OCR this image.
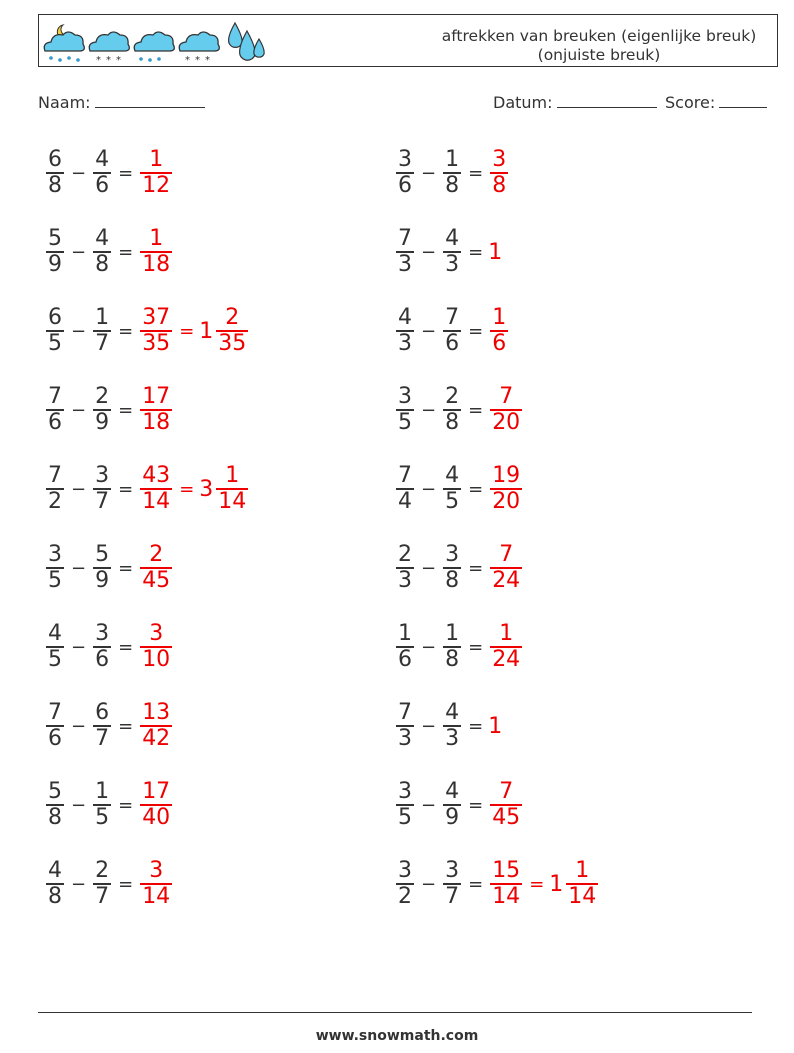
* * *	* * *
aftrekken van breuken (eigenlijke breuk)
(onjuiste breuk)
Naam:	Datum:	Score:
$\frac{6}{8} - \frac{4}{6} = \frac{1}{12}$	$\frac{3}{6} - \frac{1}{8} = \frac{3}{8}$
$\frac{5}{9} - \frac{4}{8} = \frac{1}{18}$	$\frac{7}{3} - \frac{4}{3} = 1$
$\frac{6}{5} - \frac{1}{7} = \frac{37}{35} = 1 \frac{2}{35}$	$\frac{4}{3} - \frac{7}{6} = \frac{1}{6}$
$\frac{7}{6} - \frac{2}{9} = \frac{17}{18}$	$\frac{3}{5} - \frac{2}{8} = \frac{7}{20}$
$\frac{7}{2} - \frac{3}{7} = \frac{43}{14} = 3 \frac{1}{14}$	$\frac{7}{4} - \frac{4}{5} = \frac{19}{20}$
$\frac{3}{5} - \frac{5}{9} = \frac{2}{45}$	$\frac{2}{3} - \frac{3}{8} = \frac{7}{24}$
$\frac{4}{5} - \frac{3}{6} = \frac{3}{10}$	$\frac{1}{6} - \frac{1}{8} = \frac{1}{24}$
$\frac{7}{6} - \frac{6}{7} = \frac{13}{42}$	$\frac{7}{3} - \frac{4}{3} = 1$
$\frac{5}{8} - \frac{1}{5} = \frac{17}{40}$	$\frac{3}{5} - \frac{4}{9} = \frac{7}{45}$
$\frac{4}{8} - \frac{2}{7} = \frac{3}{14}$	$\frac{3}{2} - \frac{3}{7} = \frac{15}{14} = 1 \frac{1}{14}$
www.snowmath.com
